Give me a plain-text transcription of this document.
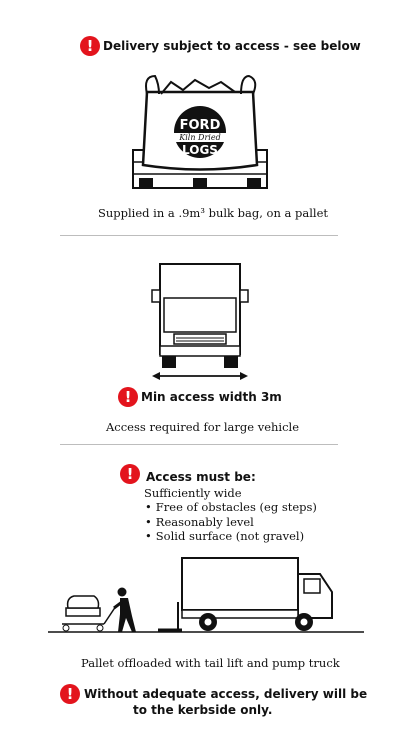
! Delivery subject to access - see below
FORD
Kiln Dried
LOGS
Supplied in a .9m³ bulk bag, on a pallet
! Min access width 3m
Access required for large vehicle
!	Access must be:
Sufficiently wide
• Free of obstacles (eg steps)
• Reasonably level
• Solid surface (not gravel)
Pallet offloaded with tail lift and pump truck
! Without adequate access, delivery will be
to the kerbside only.
